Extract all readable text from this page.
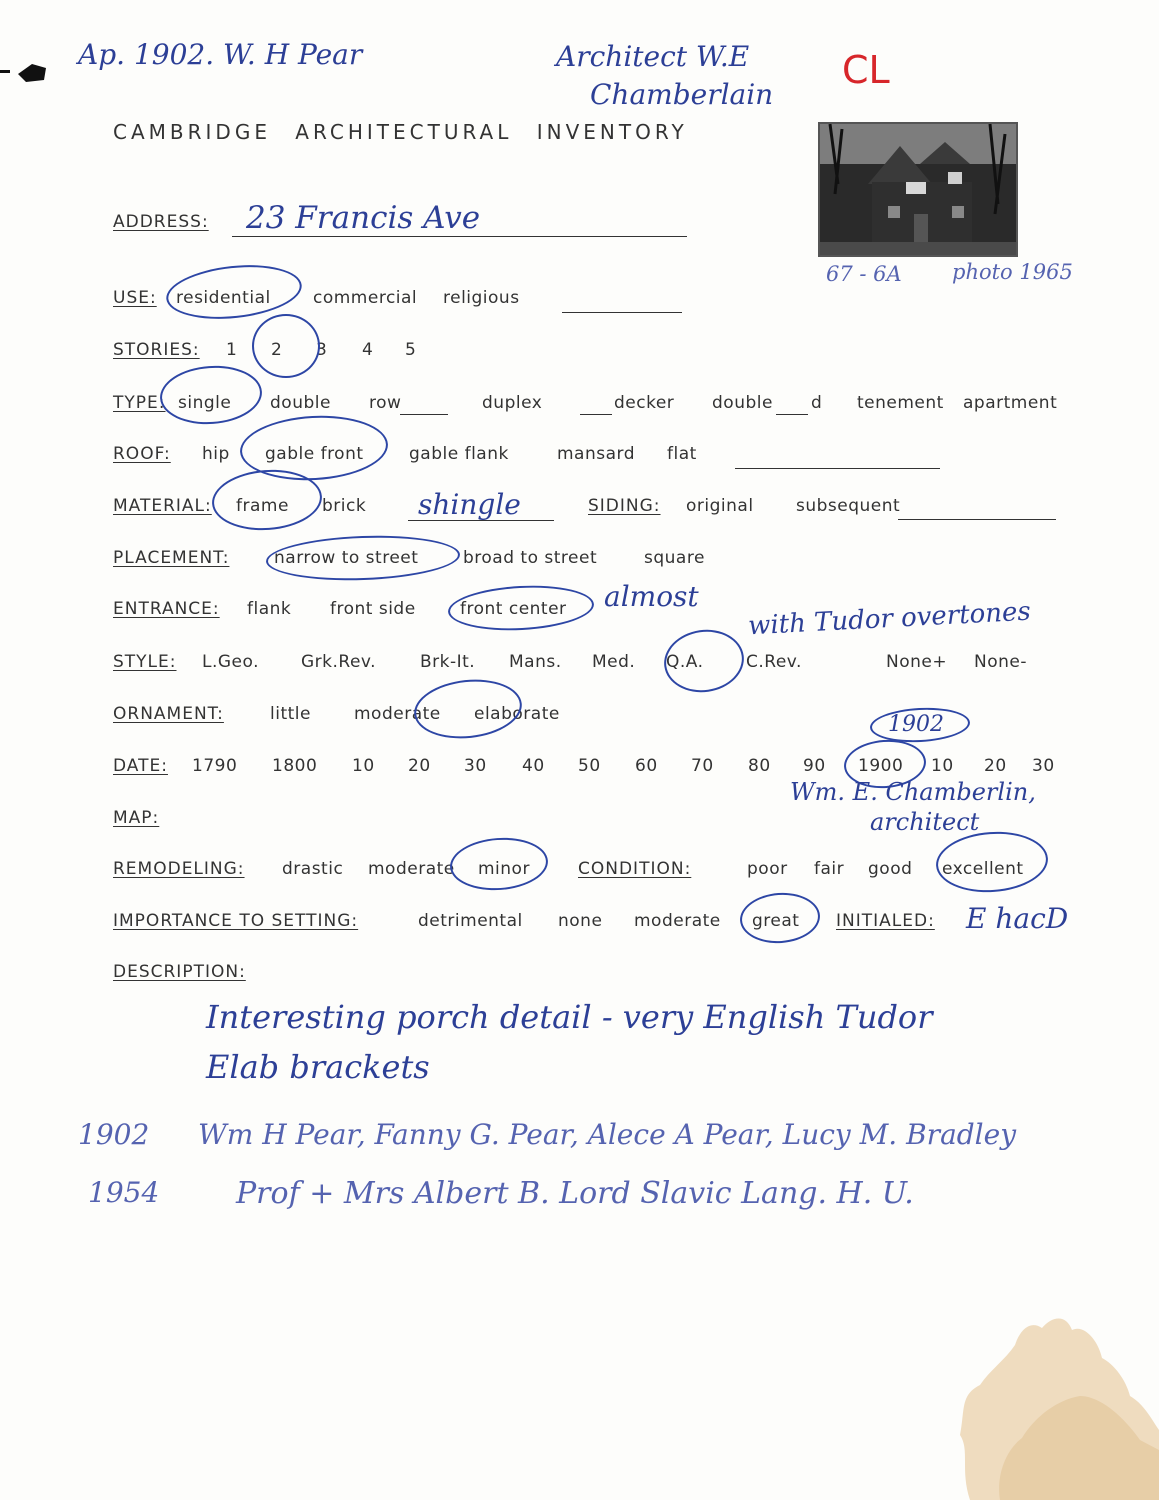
Ap. 1902. W. H Pear	Architect W.E
Chamberlain
CL
CAMBRIDGE ARCHITECTURAL INVENTORY
67 - 6A photo 1965
ADDRESS: 23 Francis Ave
USE: residential commercial religious
STORIES: 1 2 3 4 5
TYPE: single double row	duplex	decker double d tenement apartment
ROOF: hip gable front	gable flank	mansard flat
MATERIAL: frame brick shingle	SIDING: original subsequent
PLACEMENT:	narrow to street	broad to street	square
ENTRANCE: flank front side	front center almost
STYLE: L.Geo. Grk.Rev.	Brk-It. Mans. Med. Q.A. C.Rev.	None+ None-
with Tudor overtones
ORNAMENT:	little	moderate elaborate
DATE: 1790 1800 10 20 30 40 50 60 70 80 90 1900 10 20 30
1902
Wm. E. Chamberlin,
architect
MAP:
REMODELING: drastic moderate minor	CONDITION:	poor fair good excellent
IMPORTANCE TO SETTING:	detrimental none moderate great INITIALED: E hacD
DESCRIPTION:
Interesting porch detail - very English Tudor
Elab brackets
1902 Wm H Pear, Fanny G. Pear, Alece A Pear, Lucy M. Bradley
1954	Prof + Mrs Albert B. Lord Slavic Lang. H. U.
